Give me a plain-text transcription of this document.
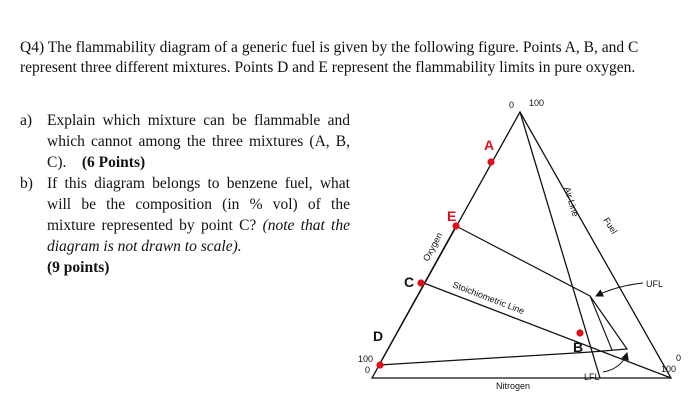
Q4) The flammability diagram of a generic fuel is given by the following figure. Points A, B, and C represent three different mixtures. Points D and E represent the flammability limits in pure oxygen.
a) Explain which mixture can be flammable and which cannot among the three mixtures (A, B, C). (6 Points)
b) If this diagram belongs to benzene fuel, what will be the composition (in % vol) of the mixture represented by point C? (note that the diagram is not drawn to scale).
(9 points)
A
E
C
D
B
Oxygen
Air Line
Fuel
Stoichiometric Line
Nitrogen
UFL
LFL
0 100
100
0
0
100
